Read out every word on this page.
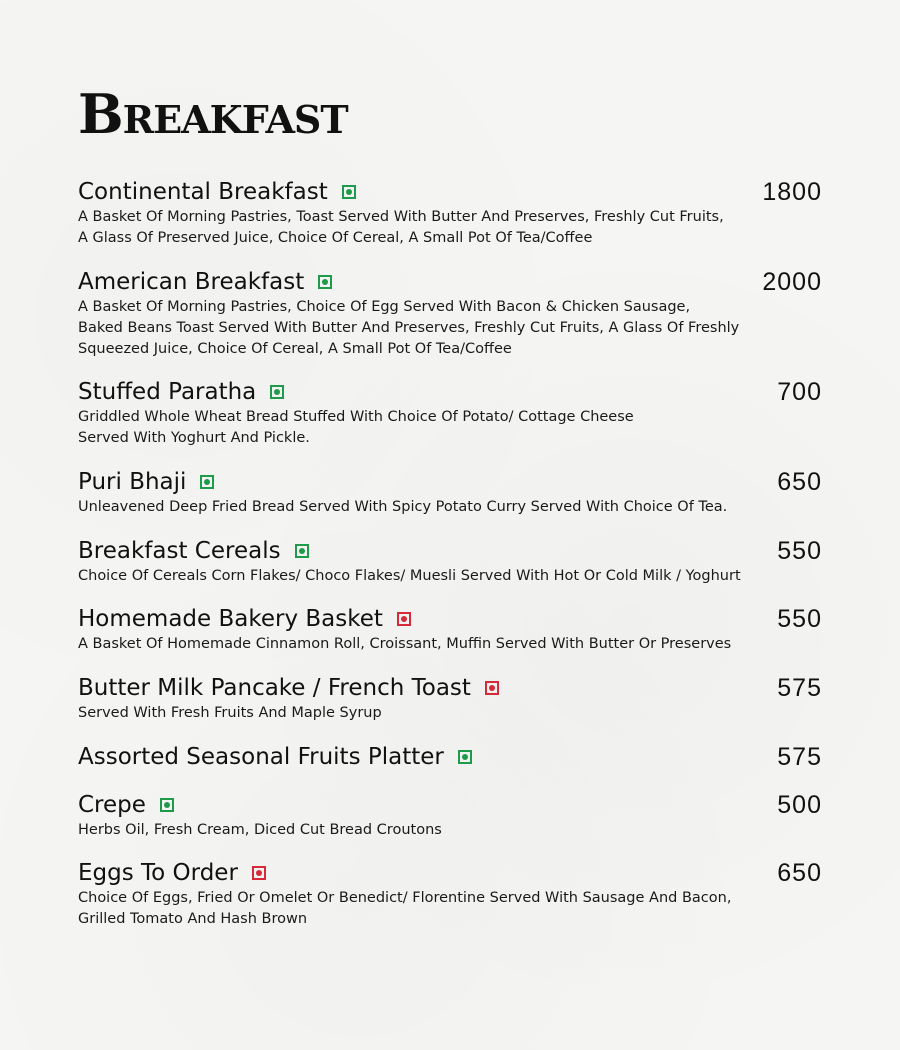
Breakfast
Continental Breakfast	1800
A Basket Of Morning Pastries, Toast Served With Butter And Preserves, Freshly Cut Fruits,
A Glass Of Preserved Juice, Choice Of Cereal, A Small Pot Of Tea/Coffee
American Breakfast	2000
A Basket Of Morning Pastries, Choice Of Egg Served With Bacon & Chicken Sausage,
Baked Beans Toast Served With Butter And Preserves, Freshly Cut Fruits, A Glass Of Freshly
Squeezed Juice, Choice Of Cereal, A Small Pot Of Tea/Coffee
Stuffed Paratha	700
Griddled Whole Wheat Bread Stuffed With Choice Of Potato/ Cottage Cheese
Served With Yoghurt And Pickle.
Puri Bhaji	650
Unleavened Deep Fried Bread Served With Spicy Potato Curry Served With Choice Of Tea.
Breakfast Cereals	550
Choice Of Cereals Corn Flakes/ Choco Flakes/ Muesli Served With Hot Or Cold Milk / Yoghurt
Homemade Bakery Basket	550
A Basket Of Homemade Cinnamon Roll, Croissant, Muffin Served With Butter Or Preserves
Butter Milk Pancake / French Toast	575
Served With Fresh Fruits And Maple Syrup
Assorted Seasonal Fruits Platter	575
Crepe	500
Herbs Oil, Fresh Cream, Diced Cut Bread Croutons
Eggs To Order	650
Choice Of Eggs, Fried Or Omelet Or Benedict/ Florentine Served With Sausage And Bacon,
Grilled Tomato And Hash Brown
